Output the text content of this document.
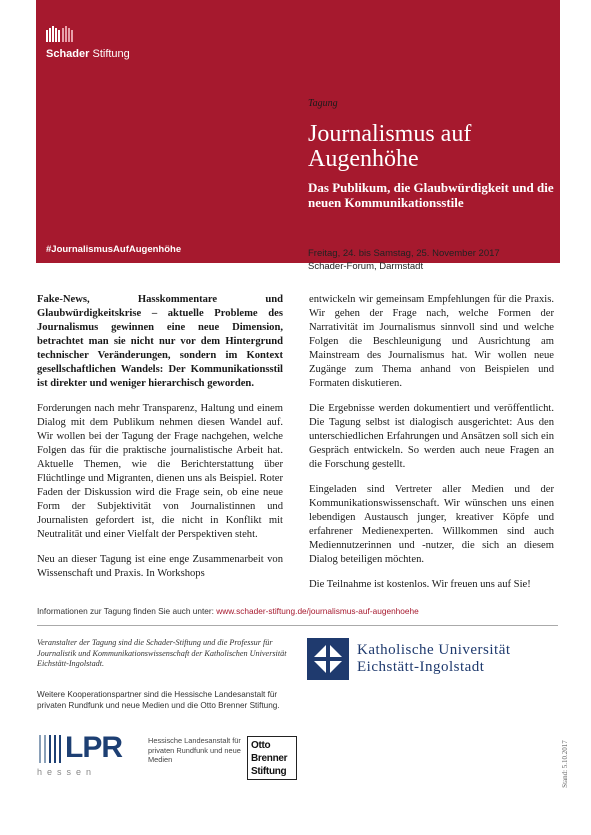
Schader Stiftung
Tagung
Journalismus auf Augenhöhe
Das Publikum, die Glaubwürdigkeit und die neuen Kommunikationsstile
#JournalismusAufAugenhöhe	Freitag, 24. bis Samstag, 25. November 2017
Schader-Forum, Darmstadt

Fake-News, Hasskommentare und Glaubwürdigkeitskrise – aktuelle Probleme des Journalismus gewinnen eine neue Dimension, betrachtet man sie nicht nur vor dem Hintergrund technischer Veränderungen, sondern im Kontext gesellschaftlichen Wandels: Der Kommunikationsstil ist direkter und weniger hierarchisch geworden.

Forderungen nach mehr Transparenz, Haltung und einem Dialog mit dem Publikum nehmen diesen Wandel auf. Wir wollen bei der Tagung der Frage nachgehen, welche Folgen das für die praktische journalistische Arbeit hat. Aktuelle Themen, wie die Berichterstattung über Flüchtlinge und Migranten, dienen uns als Beispiel. Roter Faden der Diskussion wird die Frage sein, ob eine neue Form der Subjektivität von Journalistinnen und Journalisten gefordert ist, die nicht in Konflikt mit Neutralität und einer Vielfalt der Perspektiven steht.

Neu an dieser Tagung ist eine enge Zusammenarbeit von Wissenschaft und Praxis. In Workshops

entwickeln wir gemeinsam Empfehlungen für die Praxis. Wir gehen der Frage nach, welche Formen der Narrativität im Journalismus sinnvoll sind und welche Folgen die Beschleunigung und Ausrichtung am Mainstream des Journalismus hat. Wir wollen neue Zugänge zum Thema anhand von Beispielen und Formaten diskutieren.

Die Ergebnisse werden dokumentiert und veröffentlicht. Die Tagung selbst ist dialogisch ausgerichtet: Aus den unterschiedlichen Erfahrungen und Ansätzen soll sich ein Gespräch entwickeln. So werden auch neue Fragen an die Forschung gestellt.

Eingeladen sind Vertreter aller Medien und der Kommunikationswissenschaft. Wir wünschen uns einen lebendigen Austausch junger, kreativer Köpfe und erfahrener Medienexperten. Willkommen sind auch Mediennutzerinnen und -nutzer, die sich an diesem Dialog beteiligen möchten.

Die Teilnahme ist kostenlos. Wir freuen uns auf Sie!

Informationen zur Tagung finden Sie auch unter: www.schader-stiftung.de/journalismus-auf-augenhoehe
Veranstalter der Tagung sind die Schader-Stiftung und die Professur für Journalistik und Kommunikationswissenschaft der Katholischen Universität Eichstätt-Ingolstadt.
Katholische Universität
Eichstätt-Ingolstadt
Weitere Kooperationspartner sind die Hessische Landesanstalt für privaten Rundfunk und neue Medien und die Otto Brenner Stiftung.
LPR
hessen
Hessische Landesanstalt für privaten Rundfunk und neue Medien
Otto
Brenner
Stiftung	Stand: 5.10.2017
